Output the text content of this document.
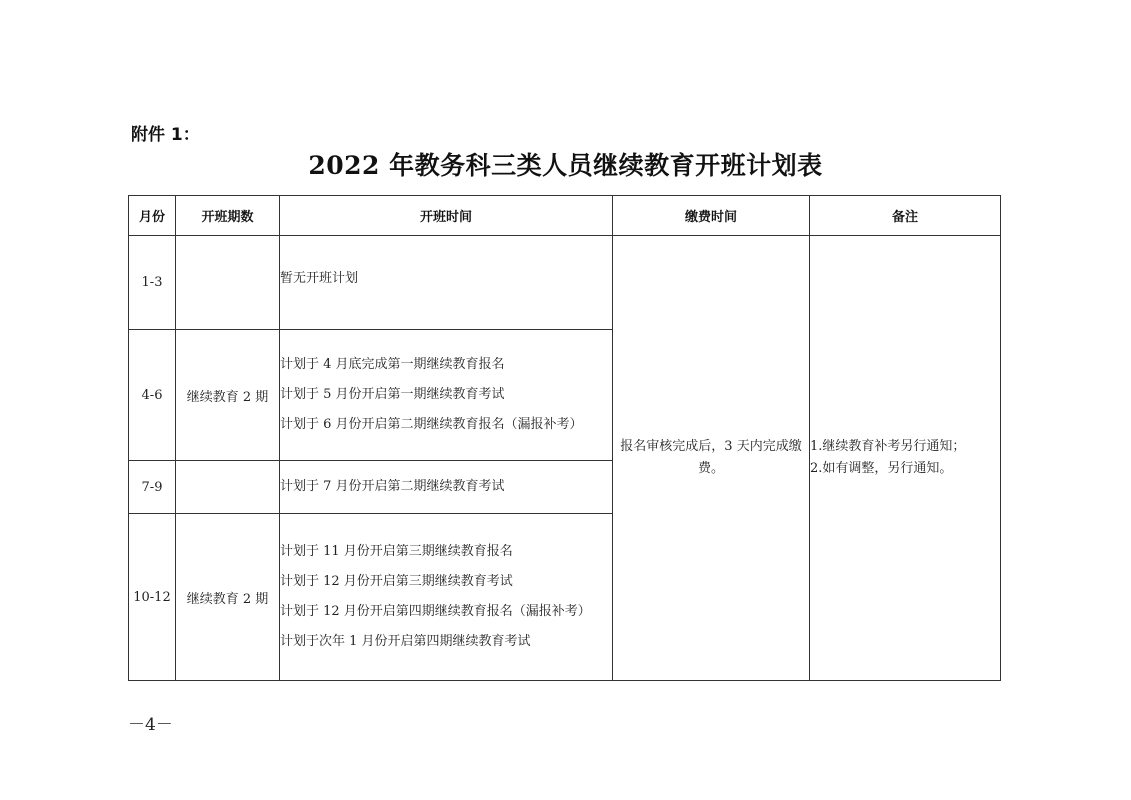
附件 1：
2022 年教务科三类人员继续教育开班计划表
月份	开班期数	开班时间	缴费时间	备注
1-3		暂无开班计划	报名审核完成后，3 天内完成缴费。	1.继续教育补考另行通知；
2.如有调整，另行通知。

4-6	继续教育 2 期	计划于 4 月底完成第一期继续教育报名
计划于 5 月份开启第一期继续教育考试
计划于 6 月份开启第二期继续教育报名（漏报补考）		

7-9		计划于 7 月份开启第二期继续教育考试		

10-12	继续教育 2 期	计划于 11 月份开启第三期继续教育报名
计划于 12 月份开启第三期继续教育考试
计划于 12 月份开启第四期继续教育报名（漏报补考）
计划于次年 1 月份开启第四期继续教育考试		
－4－
